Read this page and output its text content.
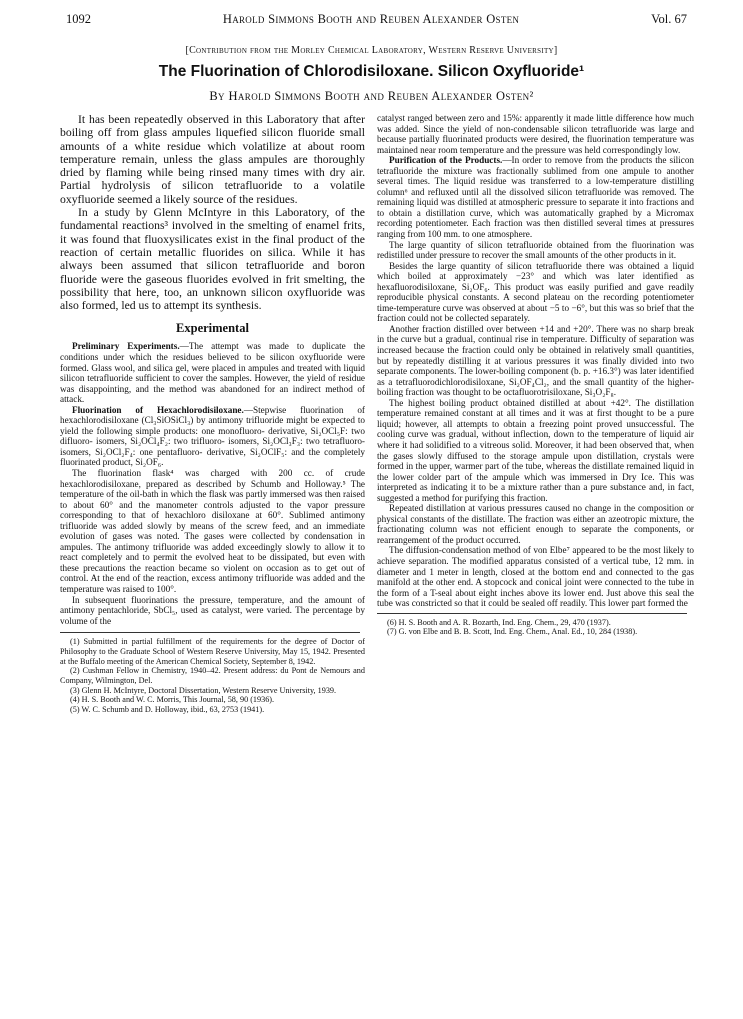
1092	Harold Simmons Booth and Reuben Alexander Osten	Vol. 67
[Contribution from the Morley Chemical Laboratory, Western Reserve University]
The Fluorination of Chlorodisiloxane. Silicon Oxyfluoride¹
By Harold Simmons Booth and Reuben Alexander Osten²

It has been repeatedly observed in this Laboratory that after boiling off from glass ampules liquefied silicon fluoride small amounts of a white residue which volatilize at about room temperature remain, unless the glass ampules are thoroughly dried by flaming while being rinsed many times with dry air. Partial hydrolysis of silicon tetrafluoride to a volatile oxyfluoride seemed a likely source of the residues.

In a study by Glenn McIntyre in this Laboratory, of the fundamental reactions³ involved in the smelting of enamel frits, it was found that fluoxysilicates exist in the final product of the reaction of certain metallic fluorides on silica. While it has always been assumed that silicon tetrafluoride and boron fluoride were the gaseous fluorides evolved in frit smelting, the possibility that here, too, an unknown silicon oxyfluoride was also formed, led us to attempt its synthesis.

Experimental

Preliminary Experiments.—The attempt was made to duplicate the conditions under which the residues believed to be silicon oxyfluoride were formed. Glass wool, and silica gel, were placed in ampules and treated with liquid silicon tetrafluoride sufficient to cover the samples. However, the yield of residue was disappointing, and the method was abandoned for an indirect method of attack.

Fluorination of Hexachlorodisiloxane.—Stepwise fluorination of hexachlorodisiloxane (Cl₃SiOSiCl₃) by antimony trifluoride might be expected to yield the following simple products: one monofluoro- derivative, Si₂OCl₅F: two difluoro- isomers, Si₂OCl₄F₂: two trifluoro- isomers, Si₂OCl₃F₃: two tetrafluoro- isomers, Si₂OCl₂F₄: one pentafluoro- derivative, Si₂OClF₅: and the completely fluorinated product, Si₂OF₆.

The fluorination flask⁴ was charged with 200 cc. of crude hexachlorodisiloxane, prepared as described by Schumb and Holloway.⁵ The temperature of the oil-bath in which the flask was partly immersed was then raised to about 60° and the manometer controls adjusted to the vapor pressure corresponding to that of hexachloro disiloxane at 60°. Sublimed antimony trifluoride was added slowly by means of the screw feed, and an immediate evolution of gases was noted. The gases were collected by condensation in ampules. The antimony trifluoride was added exceedingly slowly to allow it to react completely and to permit the evolved heat to be dissipated, but even with these precautions the reaction became so violent on occasion as to get out of control. At the end of the reaction, excess antimony trifluoride was added and the temperature was raised to 100°.

In subsequent fluorinations the pressure, temperature, and the amount of antimony pentachloride, SbCl₅, used as catalyst, were varied. The percentage by volume of the

(1) Submitted in partial fulfillment of the requirements for the degree of Doctor of Philosophy to the Graduate School of Western Reserve University, May 15, 1942. Presented at the Buffalo meeting of the American Chemical Society, September 8, 1942.

(2) Cushman Fellow in Chemistry, 1940–42. Present address: du Pont de Nemours and Company, Wilmington, Del.

(3) Glenn H. McIntyre, Doctoral Dissertation, Western Reserve University, 1939.

(4) H. S. Booth and W. C. Morris, This Journal, 58, 90 (1936).

(5) W. C. Schumb and D. Holloway, ibid., 63, 2753 (1941).

catalyst ranged between zero and 15%: apparently it made little difference how much was added. Since the yield of non-condensable silicon tetrafluoride was large and because partially fluorinated products were desired, the fluorination temperature was maintained near room temperature and the pressure was held correspondingly low.

Purification of the Products.—In order to remove from the products the silicon tetrafluoride the mixture was fractionally sublimed from one ampule to another several times. The liquid residue was transferred to a low-temperature distilling column⁶ and refluxed until all the dissolved silicon tetrafluoride was removed. The remaining liquid was distilled at atmospheric pressure to separate it into fractions and to obtain a distillation curve, which was automatically graphed by a Micromax recording potentiometer. Each fraction was then distilled several times at pressures ranging from 100 mm. to one atmosphere.

The large quantity of silicon tetrafluoride obtained from the fluorination was redistilled under pressure to recover the small amounts of the other products in it.

Besides the large quantity of silicon tetrafluoride there was obtained a liquid which boiled at approximately −23° and which was later identified as hexafluorodisiloxane, Si₂OF₆. This product was easily purified and gave readily reproducible physical constants. A second plateau on the recording potentiometer time-temperature curve was observed at about −5 to −6°, but this was so brief that the fraction could not be collected separately.

Another fraction distilled over between +14 and +20°. There was no sharp break in the curve but a gradual, continual rise in temperature. Difficulty of separation was increased because the fraction could only be obtained in relatively small quantities, but by repeatedly distilling it at various pressures it was finally divided into two separate components. The lower-boiling component (b. p. +16.3°) was later identified as a tetrafluorodichlorodisiloxane, Si₂OF₄Cl₂, and the small quantity of the higher-boiling fraction was thought to be octafluorotrisiloxane, Si₃O₂F₈.

The highest boiling product obtained distilled at about +42°. The distillation temperature remained constant at all times and it was at first thought to be a pure liquid; however, all attempts to obtain a freezing point proved unsuccessful. The cooling curve was gradual, without inflection, down to the temperature of liquid air where it had solidified to a vitreous solid. Moreover, it had been observed that, when the gases slowly diffused to the storage ampule upon distillation, crystals were formed in the upper, warmer part of the tube, whereas the distillate remained liquid in the lower colder part of the ampule which was immersed in Dry Ice. This was interpreted as indicating it to be a mixture rather than a pure substance and, in fact, suggested a method for purifying this fraction.

Repeated distillation at various pressures caused no change in the composition or physical constants of the distillate. The fraction was either an azeotropic mixture, the fractionating column was not efficient enough to separate the components, or rearrangement of the product occurred.

The diffusion-condensation method of von Elbe⁷ appeared to be the most likely to achieve separation. The modified apparatus consisted of a vertical tube, 12 mm. in diameter and 1 meter in length, closed at the bottom end and connected to the gas manifold at the other end. A stopcock and conical joint were connected to the tube in the form of a T-seal about eight inches above its lower end. Just above this seal the tube was constricted so that it could be sealed off readily. This lower part formed the

(6) H. S. Booth and A. R. Bozarth, Ind. Eng. Chem., 29, 470 (1937).

(7) G. von Elbe and B. B. Scott, Ind. Eng. Chem., Anal. Ed., 10, 284 (1938).
